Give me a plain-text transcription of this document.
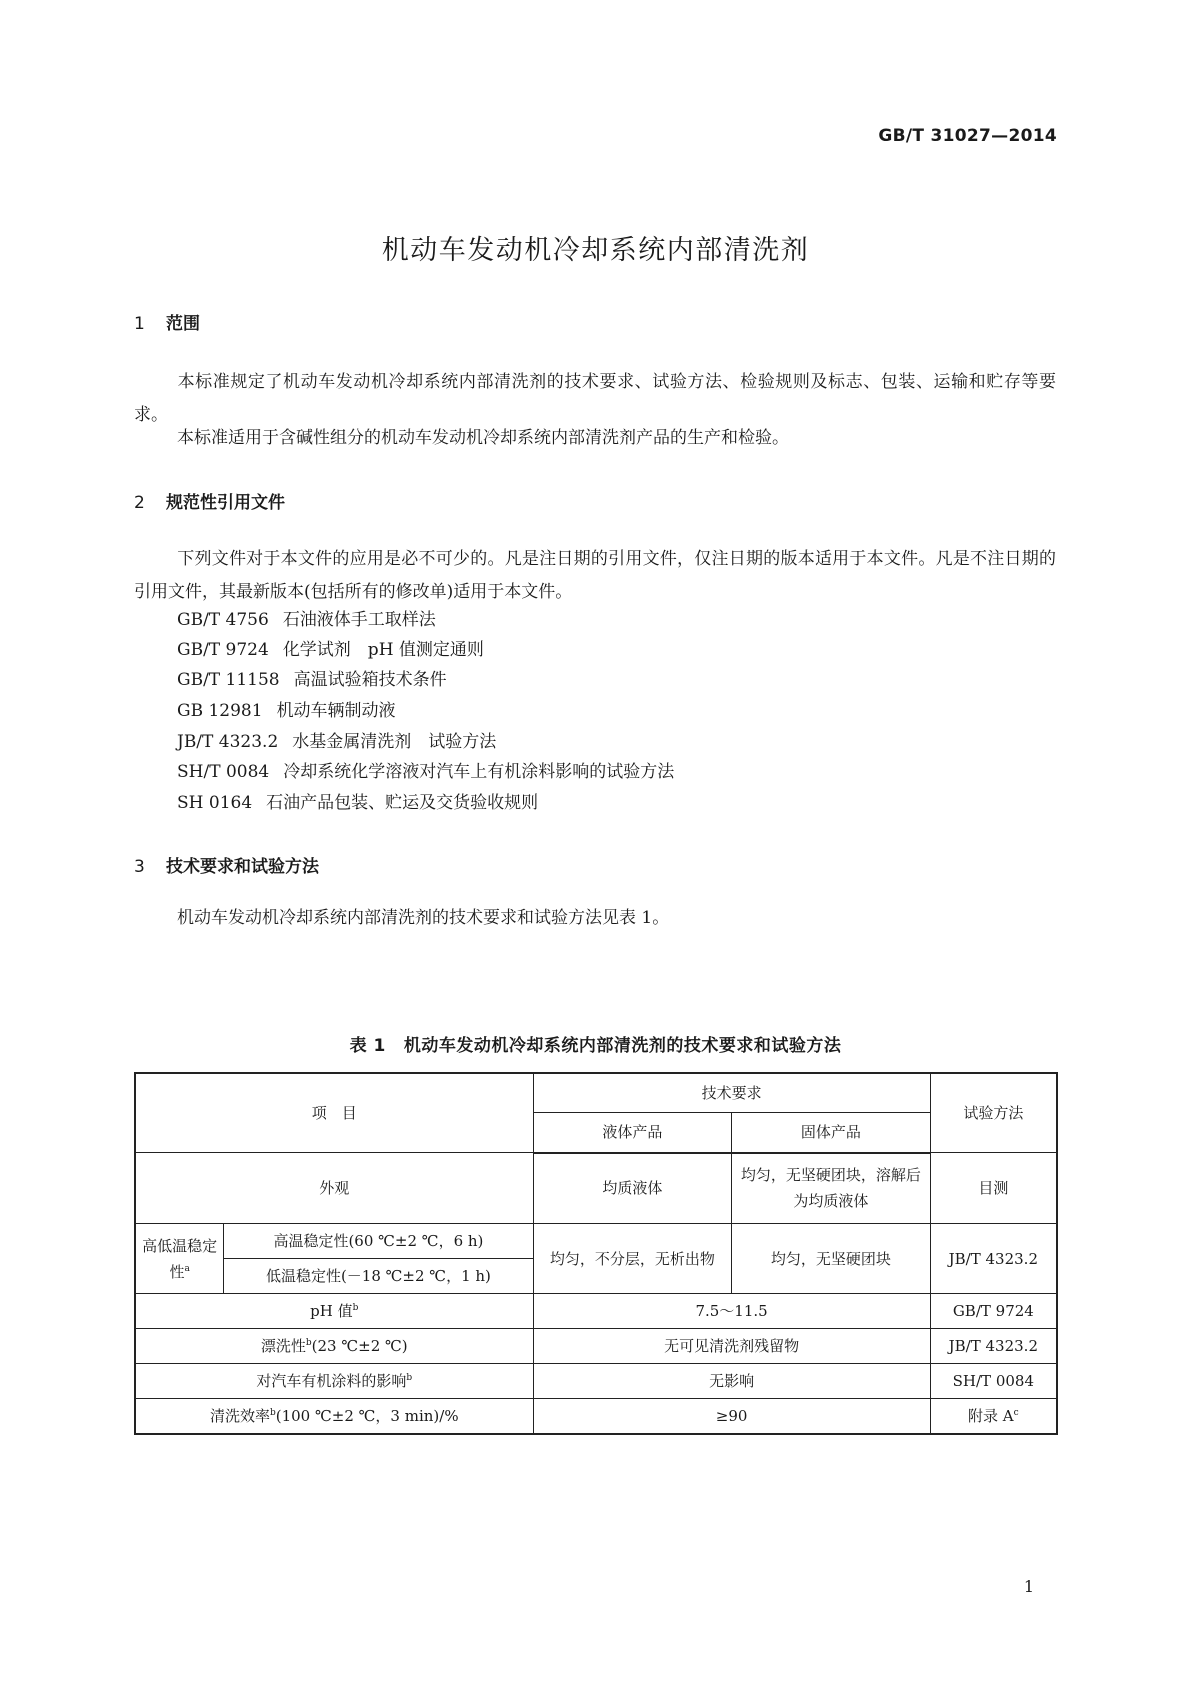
GB/T 31027—2014
机动车发动机冷却系统内部清洗剂
1 范围
本标准规定了机动车发动机冷却系统内部清洗剂的技术要求、试验方法、检验规则及标志、包装、运输和贮存等要求。
本标准适用于含碱性组分的机动车发动机冷却系统内部清洗剂产品的生产和检验。
2 规范性引用文件
下列文件对于本文件的应用是必不可少的。凡是注日期的引用文件，仅注日期的版本适用于本文件。凡是不注日期的引用文件，其最新版本(包括所有的修改单)适用于本文件。
GB/T 4756 石油液体手工取样法
GB/T 9724 化学试剂　pH 值测定通则
GB/T 11158 高温试验箱技术条件
GB 12981 机动车辆制动液
JB/T 4323.2 水基金属清洗剂　试验方法
SH/T 0084 冷却系统化学溶液对汽车上有机涂料影响的试验方法
SH 0164 石油产品包装、贮运及交货验收规则
3 技术要求和试验方法
机动车发动机冷却系统内部清洗剂的技术要求和试验方法见表 1。
表 1 机动车发动机冷却系统内部清洗剂的技术要求和试验方法
项　目		技术要求		试验方法
		液体产品	固体产品	
外观		均质液体	均匀，无坚硬团块，溶解后为均质液体	目测
高低温稳定性$^a$	高温稳定性(60 ℃±2 ℃，6 h)	均匀，不分层，无析出物	均匀，无坚硬团块	JB/T 4323.2
	低温稳定性(－18 ℃±2 ℃，1 h)			
pH 值$^b$		7.5～11.5		GB/T 9724
漂洗性$^b$(23 ℃±2 ℃)		无可见清洗剂残留物		JB/T 4323.2
对汽车有机涂料的影响$^b$		无影响		SH/T 0084
清洗效率$^b$(100 ℃±2 ℃，3 min)/%		≥90		附录 $A^c$
1
